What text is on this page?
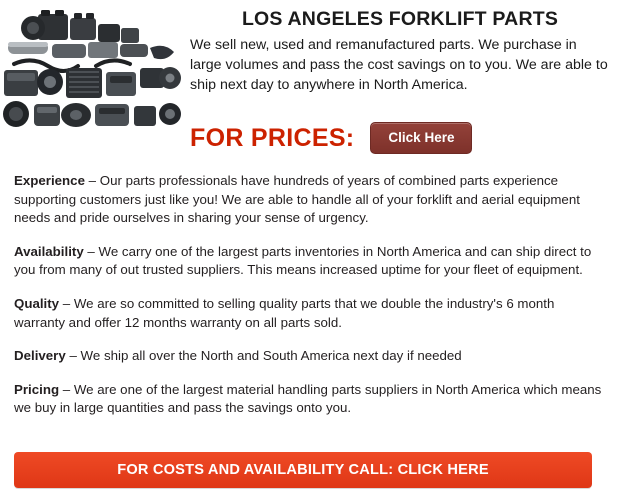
LOS ANGELES FORKLIFT PARTS

We sell new, used and remanufactured parts. We purchase in large volumes and pass the cost savings on to you. We are able to ship next day to anywhere in North America.

FOR PRICES:	Click Here

Experience – Our parts professionals have hundreds of years of combined parts experience supporting customers just like you! We are able to handle all of your forklift and aerial equipment needs and pride ourselves in sharing your sense of urgency.

Availability – We carry one of the largest parts inventories in North America and can ship direct to you from many of out trusted suppliers. This means increased uptime for your fleet of equipment.

Quality – We are so committed to selling quality parts that we double the industry's 6 month warranty and offer 12 months warranty on all parts sold.

Delivery – We ship all over the North and South America next day if needed

Pricing – We are one of the largest material handling parts suppliers in North America which means we buy in large quantities and pass the savings onto you.

FOR COSTS AND AVAILABILITY CALL: CLICK HERE
